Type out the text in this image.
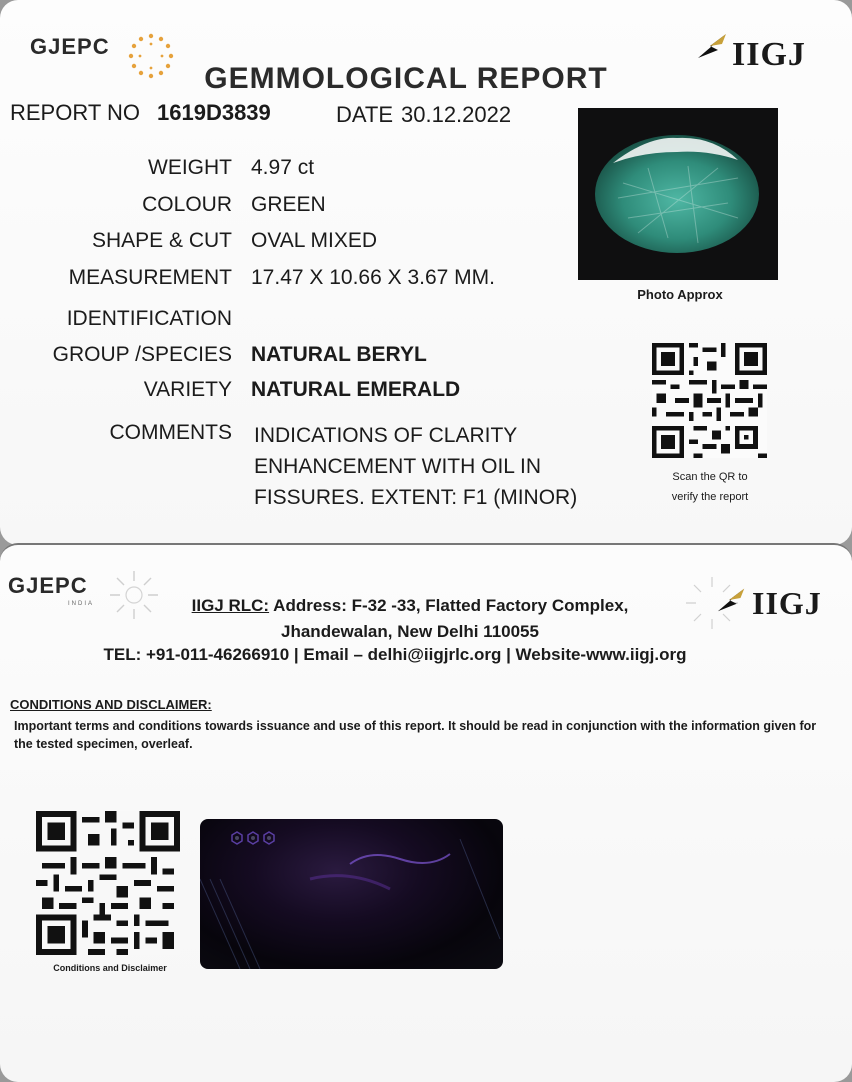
GJEPC	IIGJ
GEMMOLOGICAL REPORT
REPORT NO 1619D3839	DATE 30.12.2022
WEIGHT 4.97 ct
COLOUR GREEN
SHAPE & CUT OVAL MIXED
MEASUREMENT 17.47 X 10.66 X 3.67 MM.
IDENTIFICATION
GROUP /SPECIES NATURAL BERYL
VARIETY NATURAL EMERALD
COMMENTS INDICATIONS OF CLARITY
ENHANCEMENT WITH OIL IN
FISSURES. EXTENT: F1 (MINOR)
Photo Approx
Scan the QR to
verify the report
GJEPC
INDIA	IIGJ
IIGJ RLC: Address: F-32 -33, Flatted Factory Complex,
Jhandewalan, New Delhi 110055
TEL: +91-011-46266910 | Email – delhi@iigjrlc.org | Website-www.iigj.org
CONDITIONS AND DISCLAIMER:
Important terms and conditions towards issuance and use of this report. It should be read in conjunction with the information given for the tested specimen, overleaf.
Conditions and Disclaimer
